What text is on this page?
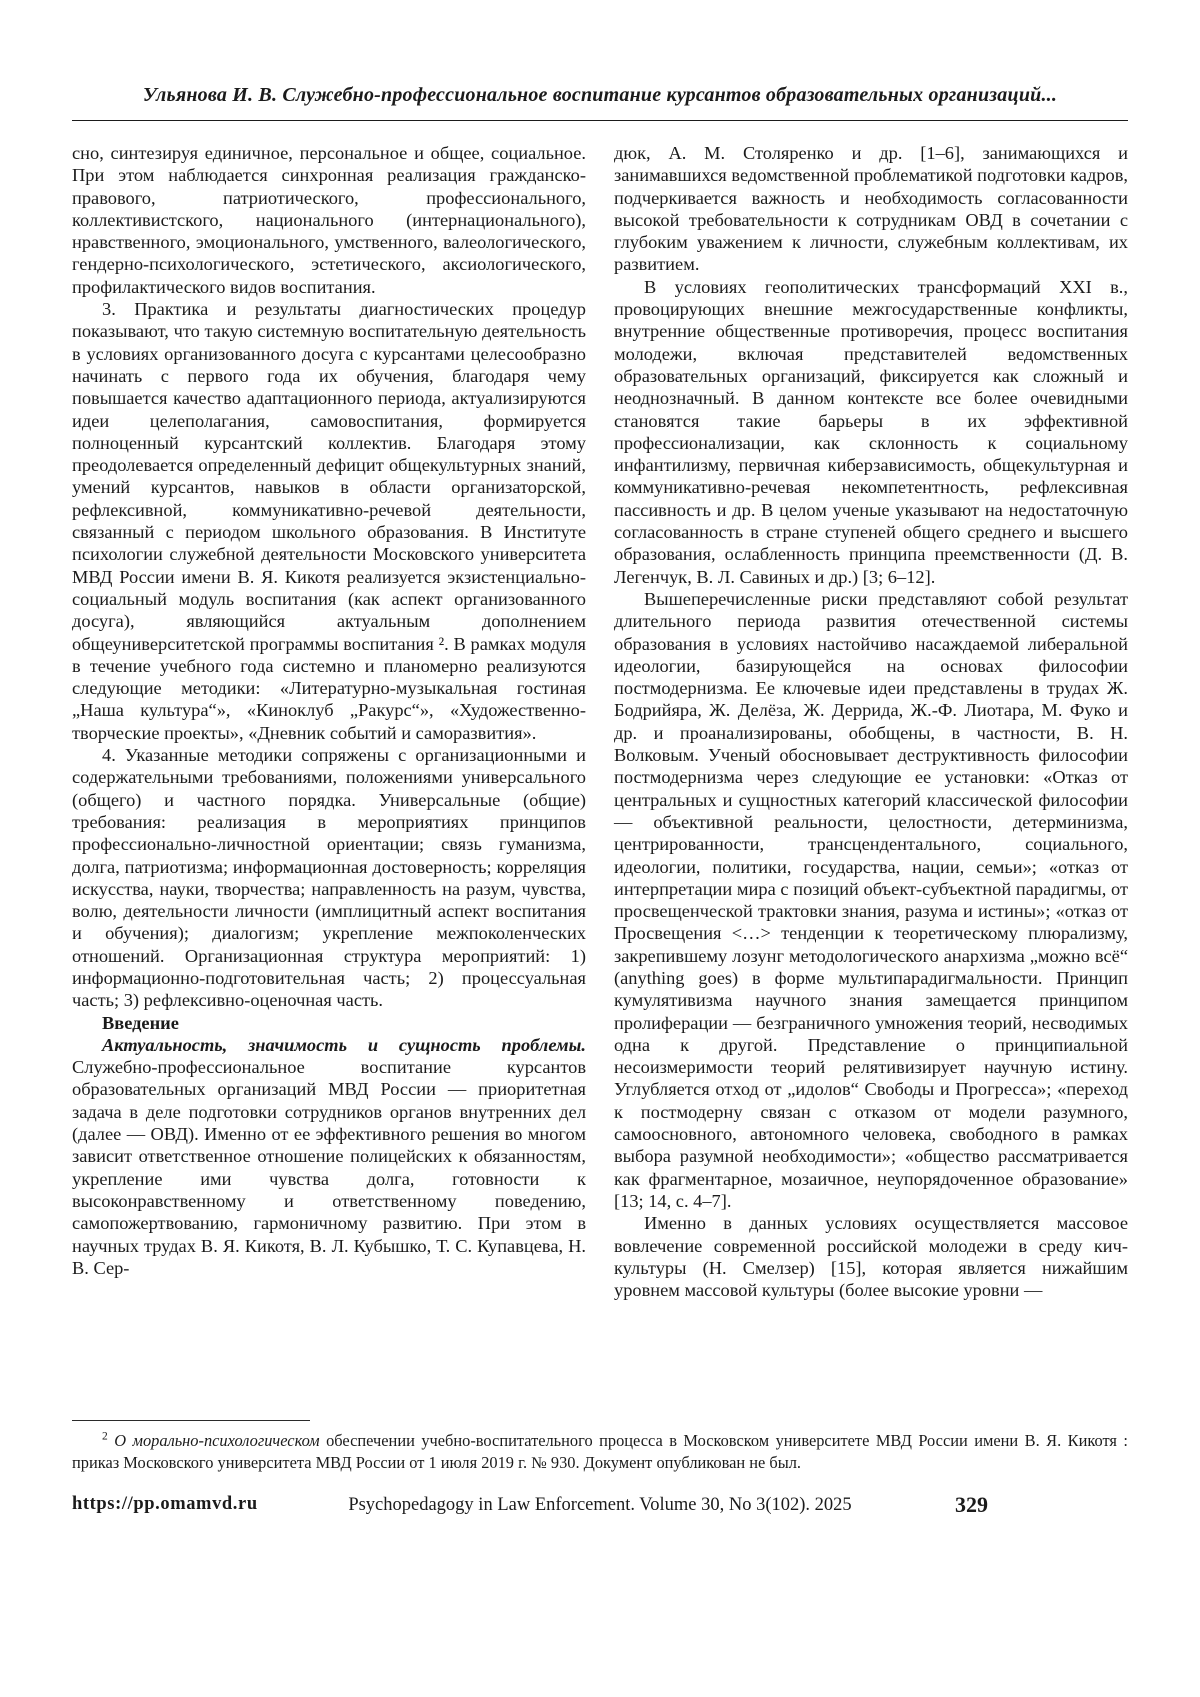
Ульянова И. В. Служебно-профессиональное воспитание курсантов образовательных организаций...

сно, синтезируя единичное, персональное и общее, социальное. При этом наблюдается синхронная реализация гражданско-правового, патриотического, профессионального, коллективистского, национального (интернационального), нравственного, эмоционального, умственного, валеологического, гендерно-психологического, эстетического, аксиологического, профилактического видов воспитания.

3. Практика и результаты диагностических процедур показывают, что такую системную воспитательную деятельность в условиях организованного досуга с курсантами целесообразно начинать с первого года их обучения, благодаря чему повышается качество адаптационного периода, актуализируются идеи целеполагания, самовоспитания, формируется полноценный курсантский коллектив. Благодаря этому преодолевается определенный дефицит общекультурных знаний, умений курсантов, навыков в области организаторской, рефлексивной, коммуникативно-речевой деятельности, связанный с периодом школьного образования. В Институте психологии служебной деятельности Московского университета МВД России имени В. Я. Кикотя реализуется экзистенциально-социальный модуль воспитания (как аспект организованного досуга), являющийся актуальным дополнением общеуниверситетской программы воспитания ². В рамках модуля в течение учебного года системно и планомерно реализуются следующие методики: «Литературно-музыкальная гостиная „Наша культура“», «Киноклуб „Ракурс“», «Художественно-творческие проекты», «Дневник событий и саморазвития».

4. Указанные методики сопряжены с организационными и содержательными требованиями, положениями универсального (общего) и частного порядка. Универсальные (общие) требования: реализация в мероприятиях принципов профессионально-личностной ориентации; связь гуманизма, долга, патриотизма; информационная достоверность; корреляция искусства, науки, творчества; направленность на разум, чувства, волю, деятельности личности (имплицитный аспект воспитания и обучения); диалогизм; укрепление межпоколенческих отношений. Организационная структура мероприятий: 1) информационно-подготовительная часть; 2) процессуальная часть; 3) рефлексивно-оценочная часть.

Введение

Актуальность, значимость и сущность проблемы. Служебно-профессиональное воспитание курсантов образовательных организаций МВД России — приоритетная задача в деле подготовки сотрудников органов внутренних дел (далее — ОВД). Именно от ее эффективного решения во многом зависит ответственное отношение полицейских к обязанностям, укрепление ими чувства долга, готовности к высоконравственному и ответственному поведению, самопожертвованию, гармоничному развитию. При этом в научных трудах В. Я. Кикотя, В. Л. Кубышко, Т. С. Купавцева, Н. В. Сер-

дюк, А. М. Столяренко и др. [1–6], занимающихся и занимавшихся ведомственной проблематикой подготовки кадров, подчеркивается важность и необходимость согласованности высокой требовательности к сотрудникам ОВД в сочетании с глубоким уважением к личности, служебным коллективам, их развитием.

В условиях геополитических трансформаций XXI в., провоцирующих внешние межгосударственные конфликты, внутренние общественные противоречия, процесс воспитания молодежи, включая представителей ведомственных образовательных организаций, фиксируется как сложный и неоднозначный. В данном контексте все более очевидными становятся такие барьеры в их эффективной профессионализации, как склонность к социальному инфантилизму, первичная киберзависимость, общекультурная и коммуникативно-речевая некомпетентность, рефлексивная пассивность и др. В целом ученые указывают на недостаточную согласованность в стране ступеней общего среднего и высшего образования, ослабленность принципа преемственности (Д. В. Легенчук, В. Л. Савиных и др.) [3; 6–12].

Вышеперечисленные риски представляют собой результат длительного периода развития отечественной системы образования в условиях настойчиво насаждаемой либеральной идеологии, базирующейся на основах философии постмодернизма. Ее ключевые идеи представлены в трудах Ж. Бодрийяра, Ж. Делёза, Ж. Деррида, Ж.-Ф. Лиотара, М. Фуко и др. и проанализированы, обобщены, в частности, В. Н. Волковым. Ученый обосновывает деструктивность философии постмодернизма через следующие ее установки: «Отказ от центральных и сущностных категорий классической философии — объективной реальности, целостности, детерминизма, центрированности, трансцендентального, социального, идеологии, политики, государства, нации, семьи»; «отказ от интерпретации мира с позиций объект-субъектной парадигмы, от просвещенческой трактовки знания, разума и истины»; «отказ от Просвещения <…> тенденции к теоретическому плюрализму, закрепившему лозунг методологического анархизма „можно всё“ (anything goes) в форме мультипарадигмальности. Принцип кумулятивизма научного знания замещается принципом пролиферации — безграничного умножения теорий, несводимых одна к другой. Представление о принципиальной несоизмеримости теорий релятивизирует научную истину. Углубляется отход от „идолов“ Свободы и Прогресса»; «переход к постмодерну связан с отказом от модели разумного, самоосновного, автономного человека, свободного в рамках выбора разумной необходимости»; «общество рассматривается как фрагментарное, мозаичное, неупорядоченное образование» [13; 14, с. 4–7].

Именно в данных условиях осуществляется массовое вовлечение современной российской молодежи в среду кич-культуры (Н. Смелзер) [15], которая является нижайшим уровнем массовой культуры (более высокие уровни —

$^2$ О морально-психологическом обеспечении учебно-воспитательного процесса в Московском университете МВД России имени В. Я. Кикотя : приказ Московского университета МВД России от 1 июля 2019 г. № 930. Документ опубликован не был.

https://pp.omamvd.ru	Psychopedagogy in Law Enforcement. Volume 30, No 3(102). 2025	329
